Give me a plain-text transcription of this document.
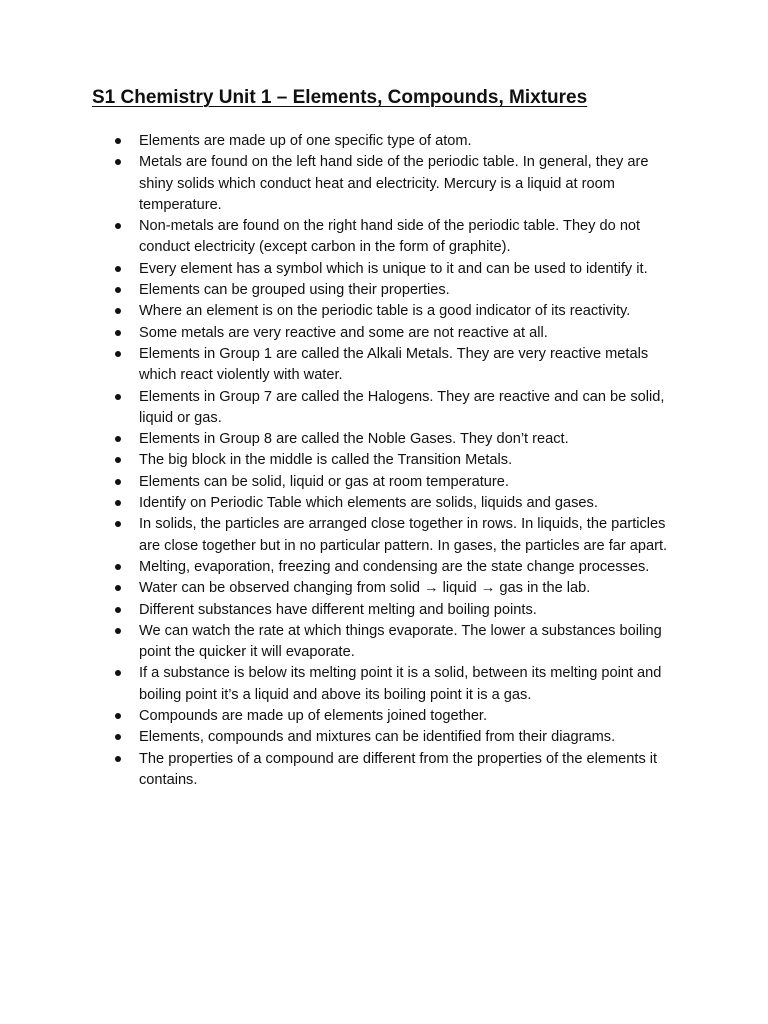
S1 Chemistry Unit 1 – Elements, Compounds, Mixtures
Elements are made up of one specific type of atom.
Metals are found on the left hand side of the periodic table. In general, they are shiny solids which conduct heat and electricity. Mercury is a liquid at room temperature.
Non-metals are found on the right hand side of the periodic table. They do not conduct electricity (except carbon in the form of graphite).
Every element has a symbol which is unique to it and can be used to identify it.
Elements can be grouped using their properties.
Where an element is on the periodic table is a good indicator of its reactivity.
Some metals are very reactive and some are not reactive at all.
Elements in Group 1 are called the Alkali Metals. They are very reactive metals which react violently with water.
Elements in Group 7 are called the Halogens. They are reactive and can be solid, liquid or gas.
Elements in Group 8 are called the Noble Gases. They don’t react.
The big block in the middle is called the Transition Metals.
Elements can be solid, liquid or gas at room temperature.
Identify on Periodic Table which elements are solids, liquids and gases.
In solids, the particles are arranged close together in rows. In liquids, the particles are close together but in no particular pattern. In gases, the particles are far apart.
Melting, evaporation, freezing and condensing are the state change processes.
Water can be observed changing from solid → liquid → gas in the lab.
Different substances have different melting and boiling points.
We can watch the rate at which things evaporate. The lower a substances boiling point the quicker it will evaporate.
If a substance is below its melting point it is a solid, between its melting point and boiling point it’s a liquid and above its boiling point it is a gas.
Compounds are made up of elements joined together.
Elements, compounds and mixtures can be identified from their diagrams.
The properties of a compound are different from the properties of the elements it contains.
